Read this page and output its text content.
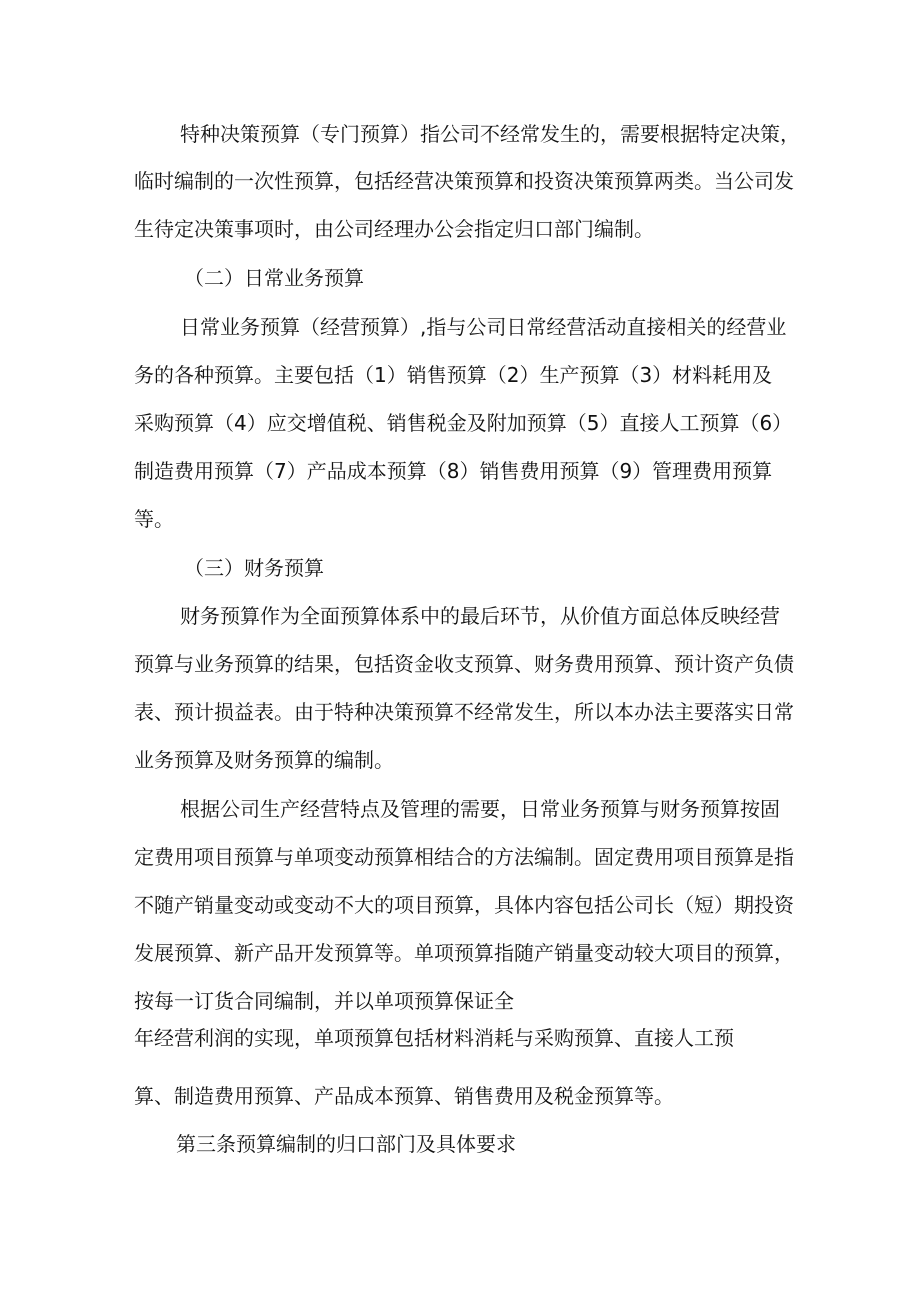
特种决策预算（专门预算）指公司不经常发生的，需要根据特定决策，
临时编制的一次性预算，包括经营决策预算和投资决策预算两类。当公司发
生待定决策事项时，由公司经理办公会指定归口部门编制。
（二）日常业务预算
日常业务预算（经营预算）,指与公司日常经营活动直接相关的经营业
务的各种预算。主要包括（1）销售预算（2）生产预算（3）材料耗用及
采购预算（4）应交增值税、销售税金及附加预算（5）直接人工预算（6）
制造费用预算（7）产品成本预算（8）销售费用预算（9）管理费用预算
等。
（三）财务预算
财务预算作为全面预算体系中的最后环节，从价值方面总体反映经营
预算与业务预算的结果，包括资金收支预算、财务费用预算、预计资产负债
表、预计损益表。由于特种决策预算不经常发生，所以本办法主要落实日常
业务预算及财务预算的编制。
根据公司生产经营特点及管理的需要，日常业务预算与财务预算按固
定费用项目预算与单项变动预算相结合的方法编制。固定费用项目预算是指
不随产销量变动或变动不大的项目预算，具体内容包括公司长（短）期投资
发展预算、新产品开发预算等。单项预算指随产销量变动较大项目的预算，
按每一订货合同编制，并以单项预算保证全
年经营利润的实现，单项预算包括材料消耗与采购预算、直接人工预
算、制造费用预算、产品成本预算、销售费用及税金预算等。
第三条预算编制的归口部门及具体要求
